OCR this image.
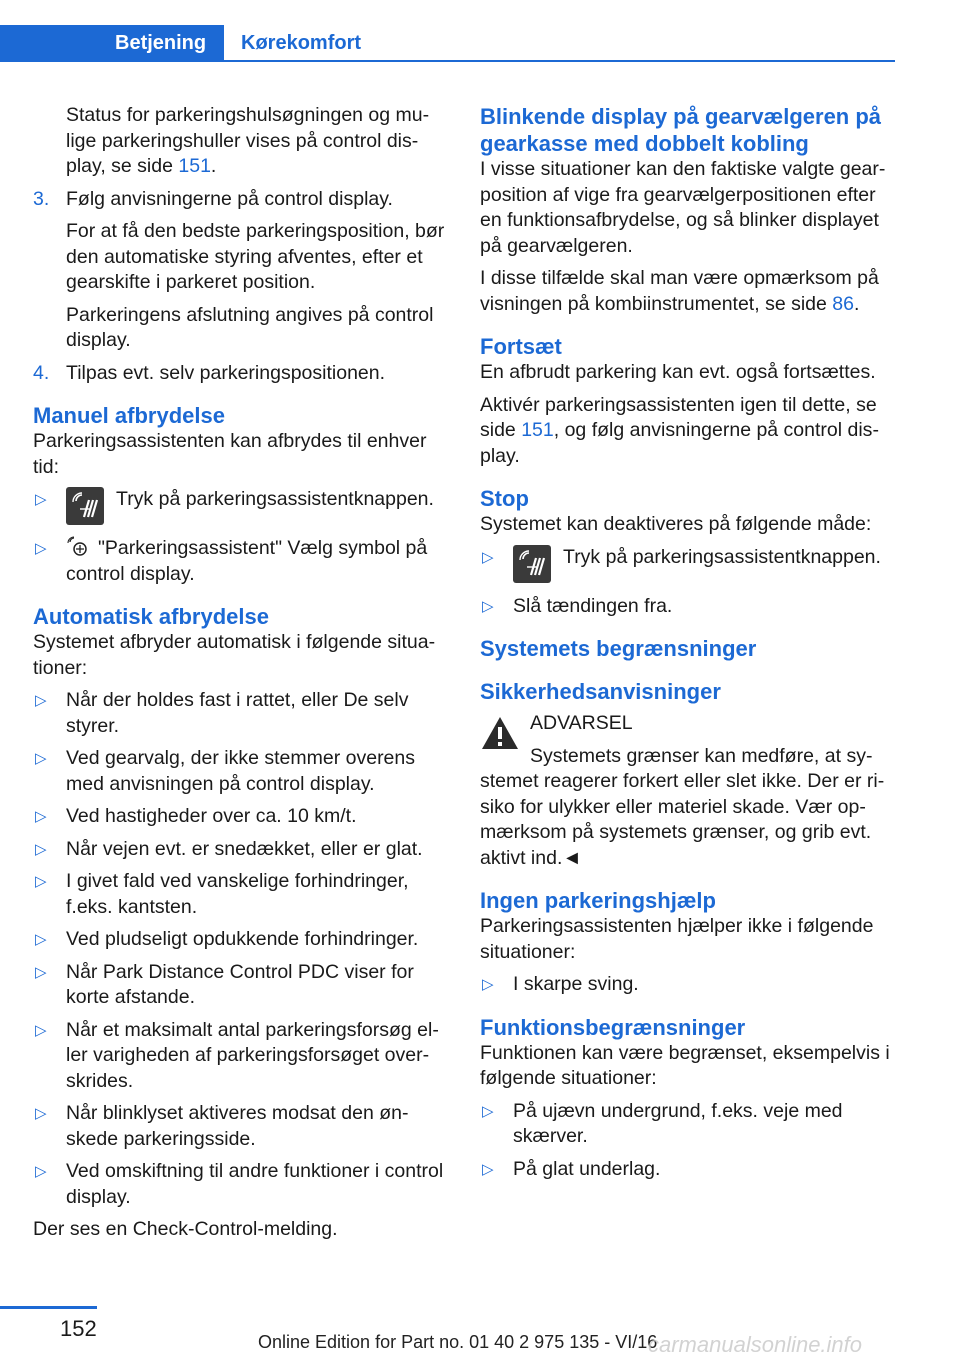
Betjening	Kørekomfort

Status for parkeringshulsøgningen og mulige parkeringshuller vises på control display, se side 151.

3. Følg anvisningerne på control display.

For at få den bedste parkeringsposition, bør den automatiske styring afventes, efter et gearskifte i parkeret position.

Parkeringens afslutning angives på control display.

4. Tilpas evt. selv parkeringspositionen.
Manuel afbrydelse

Parkeringsassistenten kan afbrydes til enhver tid:

▷	Tryk på parkeringsassistentknappen.
▷	"Parkeringsassistent" Vælg symbol på control display.
Automatisk afbrydelse

Systemet afbryder automatisk i følgende situationer:

▷ Når der holdes fast i rattet, eller De selv styrer.
▷ Ved gearvalg, der ikke stemmer overens med anvisningen på control display.
▷ Ved hastigheder over ca. 10 km/t.
▷ Når vejen evt. er snedækket, eller er glat.
▷ I givet fald ved vanskelige forhindringer, f.eks. kantsten.
▷ Ved pludseligt opdukkende forhindringer.
▷ Når Park Distance Control PDC viser for korte afstande.
▷ Når et maksimalt antal parkeringsforsøg eller varigheden af parkeringsforsøget overskrides.
▷ Når blinklyset aktiveres modsat den ønskede parkeringsside.
▷ Ved omskiftning til andre funktioner i control display.

Der ses en Check-Control-melding.

Blinkende display på gearvælgeren på gearkasse med dobbelt kobling

I visse situationer kan den faktiske valgte gearposition af vige fra gearvælgerpositionen efter en funktionsafbrydelse, og så blinker displayet på gearvælgeren.

I disse tilfælde skal man være opmærksom på visningen på kombiinstrumentet, se side 86.

Fortsæt

En afbrudt parkering kan evt. også fortsættes.

Aktivér parkeringsassistenten igen til dette, se side 151, og følg anvisningerne på control display.

Stop

Systemet kan deaktiveres på følgende måde:

▷	Tryk på parkeringsassistentknappen.
▷ Slå tændingen fra.
Systemets begrænsninger
Sikkerhedsanvisninger

ADVARSEL

Systemets grænser kan medføre, at systemet reagerer forkert eller slet ikke. Der er risiko for ulykker eller materiel skade. Vær opmærksom på systemets grænser, og grib evt. aktivt ind.◄

Ingen parkeringshjælp

Parkeringsassistenten hjælper ikke i følgende situationer:

▷ I skarpe sving.
Funktionsbegrænsninger

Funktionen kan være begrænset, eksempelvis i følgende situationer:

▷ På ujævn undergrund, f.eks. veje med skærver.
▷ På glat underlag.
152
Online Edition for Part no. 01 40 2 975 135 - VI/16
carmanualsonline.info
